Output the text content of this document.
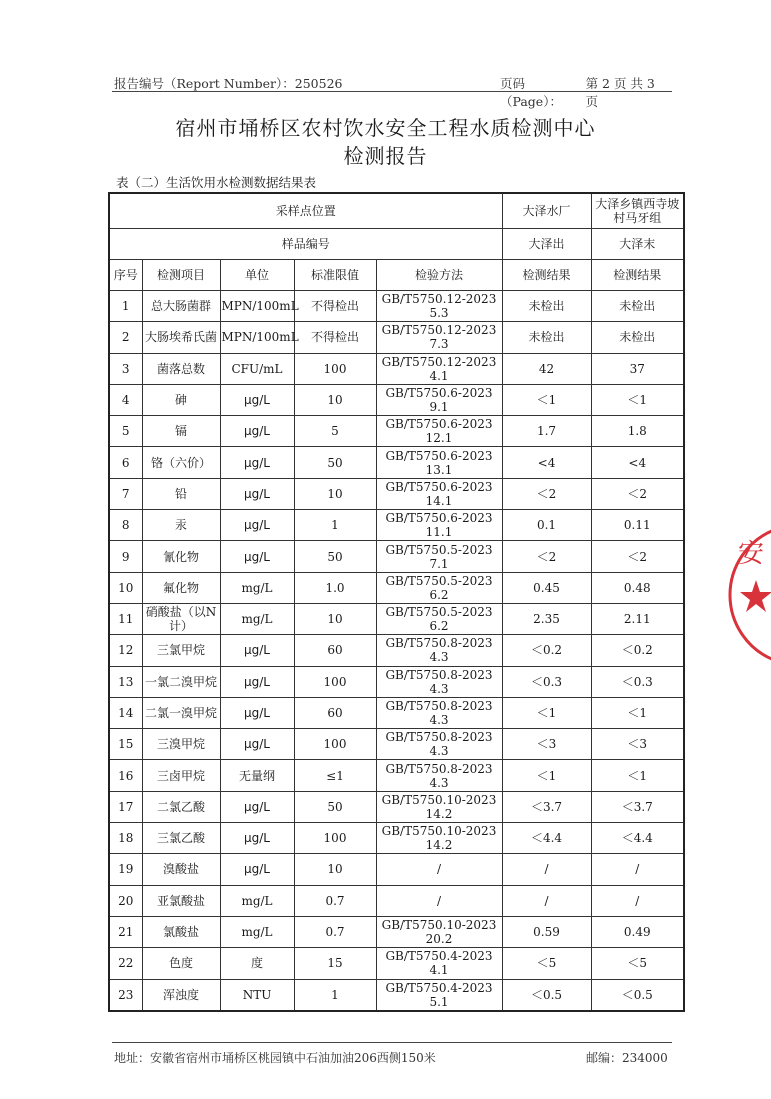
报告编号（Report Number）：250526	页码（Page）：
第 2 页 共 3 页
宿州市埇桥区农村饮水安全工程水质检测中心
检测报告
表（二）生活饮用水检测数据结果表
采样点位置					大泽水厂	大泽乡镇西寺坡村马牙组
样品编号					大泽出	大泽末
序号	检测项目	单位	标准限值	检验方法	检测结果	检测结果
1	总大肠菌群	MPN/100mL	不得检出	GB/T5750.12-2023 5.3	未检出	未检出
2	大肠埃希氏菌	MPN/100mL	不得检出	GB/T5750.12-2023 7.3	未检出	未检出
3	菌落总数	CFU/mL	100	GB/T5750.12-2023 4.1	42	37
4	砷	μg/L	10	GB/T5750.6-2023 9.1	＜1	＜1
5	镉	μg/L	5	GB/T5750.6-2023 12.1	1.7	1.8
6	铬（六价）	μg/L	50	GB/T5750.6-2023 13.1	<4	<4
7	铅	μg/L	10	GB/T5750.6-2023 14.1	＜2	＜2
8	汞	μg/L	1	GB/T5750.6-2023 11.1	0.1	0.11
9	氰化物	μg/L	50	GB/T5750.5-2023 7.1	＜2	＜2
10	氟化物	mg/L	1.0	GB/T5750.5-2023 6.2	0.45	0.48
11	硝酸盐（以N计）	mg/L	10	GB/T5750.5-2023 6.2	2.35	2.11
12	三氯甲烷	μg/L	60	GB/T5750.8-2023 4.3	＜0.2	＜0.2
13	一氯二溴甲烷	μg/L	100	GB/T5750.8-2023 4.3	＜0.3	＜0.3
14	二氯一溴甲烷	μg/L	60	GB/T5750.8-2023 4.3	＜1	＜1
15	三溴甲烷	μg/L	100	GB/T5750.8-2023 4.3	＜3	＜3
16	三卤甲烷	无量纲	≤1	GB/T5750.8-2023 4.3	＜1	＜1
17	二氯乙酸	μg/L	50	GB/T5750.10-2023 14.2	＜3.7	＜3.7
18	三氯乙酸	μg/L	100	GB/T5750.10-2023 14.2	＜4.4	＜4.4
19	溴酸盐	μg/L	10	/	/	/
20	亚氯酸盐	mg/L	0.7	/	/	/
21	氯酸盐	mg/L	0.7	GB/T5750.10-2023 20.2	0.59	0.49
22	色度	度	15	GB/T5750.4-2023 4.1	＜5	＜5
23	浑浊度	NTU	1	GB/T5750.4-2023 5.1	＜0.5	＜0.5
地址：安徽省宿州市埇桥区桃园镇中石油加油206西侧150米	邮编：234000
安
